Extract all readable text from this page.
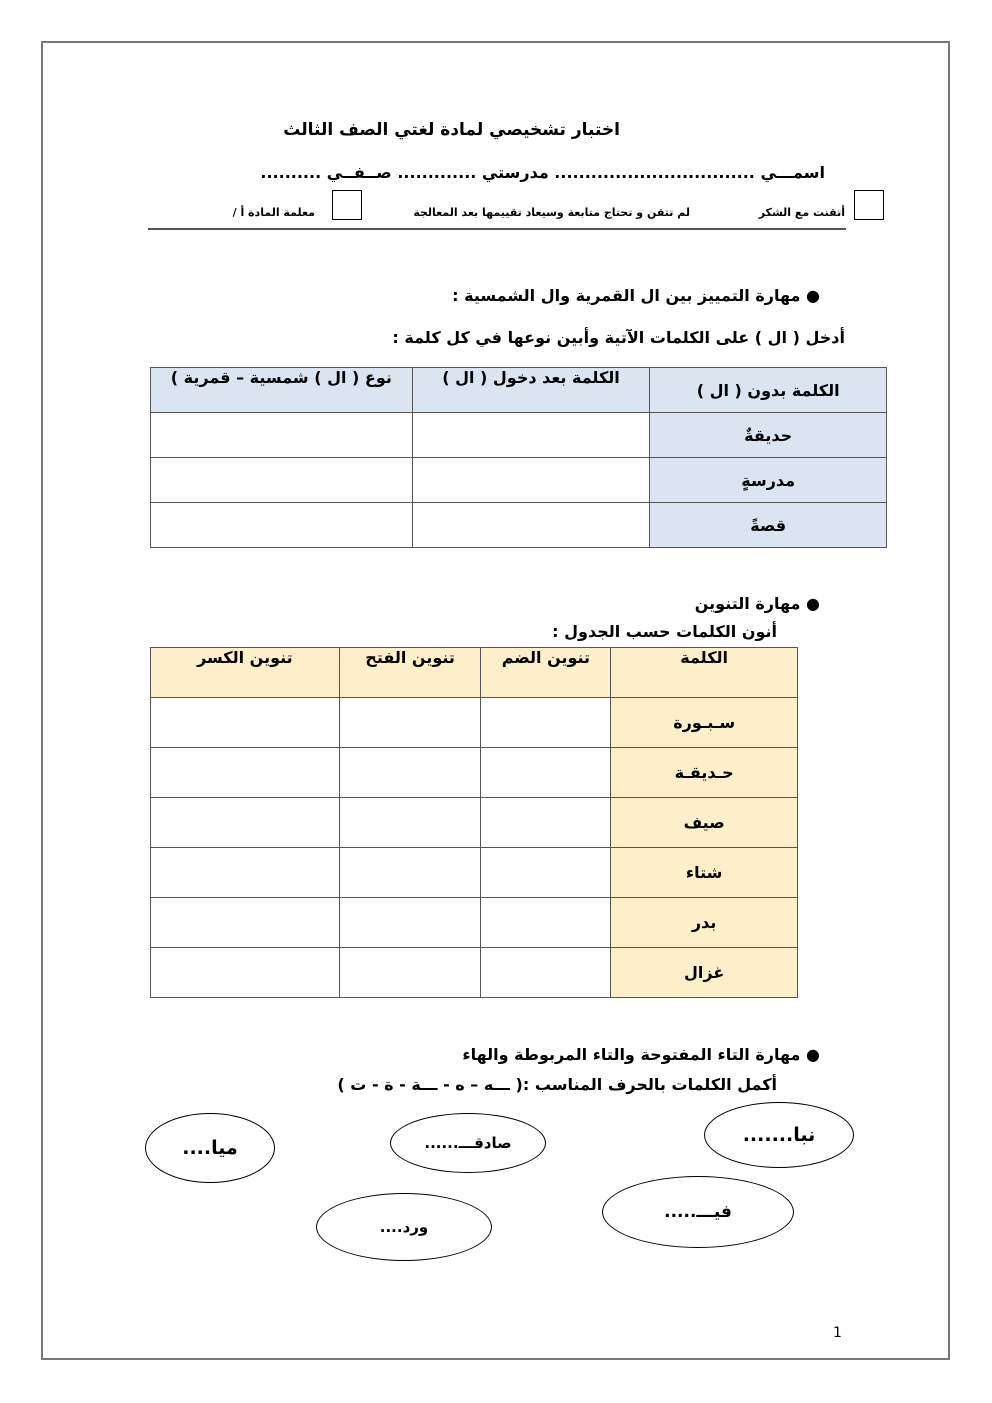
اختبار تشخيصي لمادة لغتي الصف الثالث
اسمـــي ................................. مدرستي ............. صــفــي ..........
أتقنت مع الشكر
لم تتقن و تحتاج متابعة وسيعاد تقييمها بعد المعالجة
معلمة المادة أ /
● مهارة التمييز بين ال القمرية وال الشمسية :
أدخل ( ال ) على الكلمات الآتية وأبين نوعها في كل كلمة :
الكلمة بدون ( ال )	الكلمة بعد دخول ( ال )	نوع ( ال ) شمسية – قمرية )
حديقةٌ		
مدرسةٍ		
قصةً		
● مهارة التنوين
أنون الكلمات حسب الجدول :
الكلمة	تنوين الضم	تنوين الفتح	تنوين الكسر
سـبـورة			
حـديقـة			
صيف			
شتاء			
بدر			
غزال			
● مهارة التاء المفتوحة والتاء المربوطة والهاء
أكمل الكلمات بالحرف المناسب :( ـــه – ه - ـــة - ة - ت )
ميا....	صادقـــ......	نبا.......
فيـــ.....
ورد....
1
